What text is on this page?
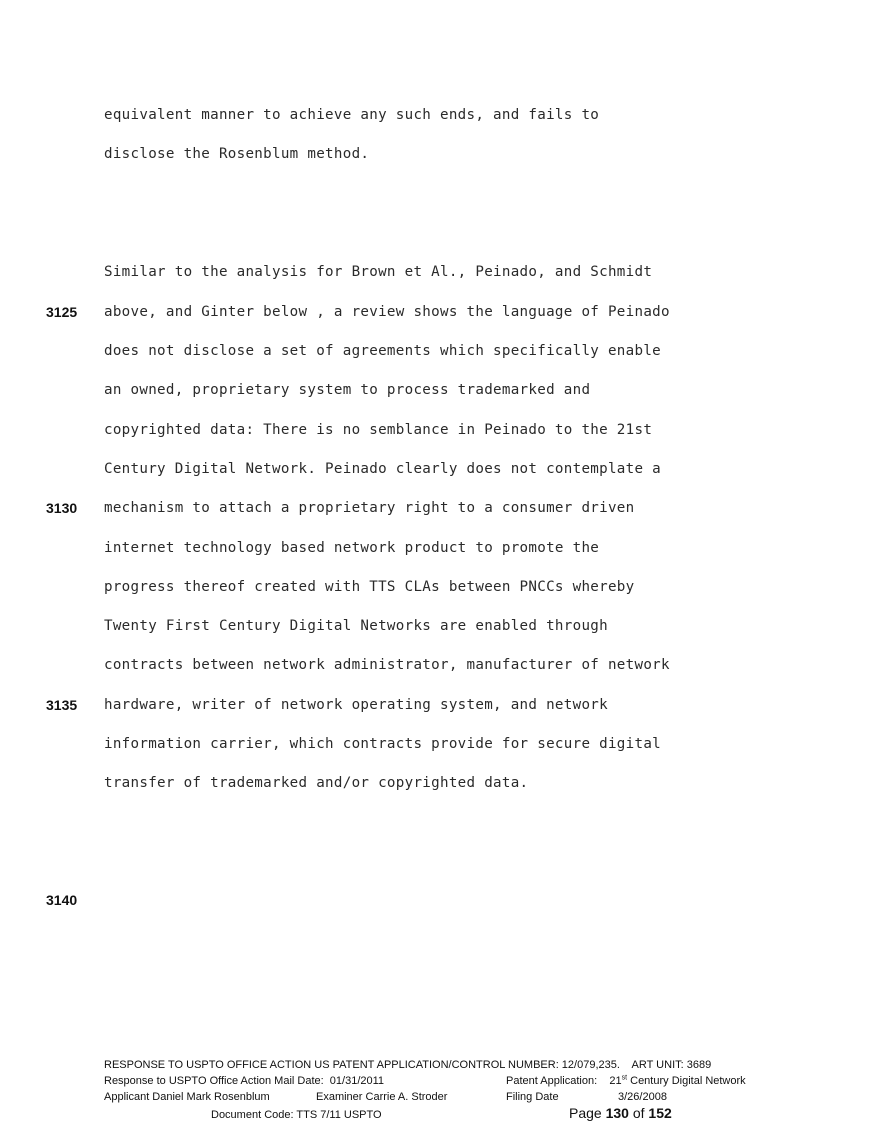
equivalent manner to achieve any such ends, and fails to
disclose the Rosenblum method.
Similar to the analysis for Brown et Al., Peinado, and Schmidt
above, and Ginter below , a review shows the language of Peinado
does not disclose a set of agreements which specifically enable
an owned, proprietary system to process trademarked and
copyrighted data: There is no semblance in Peinado to the 21st
Century Digital Network. Peinado clearly does not contemplate a
mechanism to attach a proprietary right to a consumer driven
internet technology based network product to promote the
progress thereof created with TTS CLAs between PNCCs whereby
Twenty First Century Digital Networks are enabled through
contracts between network administrator, manufacturer of network
hardware, writer of network operating system, and network
information carrier, which contracts provide for secure digital
transfer of trademarked and/or copyrighted data.
3125
3130
3135
3140
RESPONSE TO USPTO OFFICE ACTION US PATENT APPLICATION/CONTROL NUMBER: 12/079,235.    ART UNIT: 3689
Response to USPTO Office Action Mail Date:  01/31/2011	Patent Application: 21st Century Digital Network
Applicant Daniel Mark Rosenblum	Examiner Carrie A. Stroder	Filing Date	3/26/2008
Document Code: TTS 7/11 USPTO	Page 130 of 152
